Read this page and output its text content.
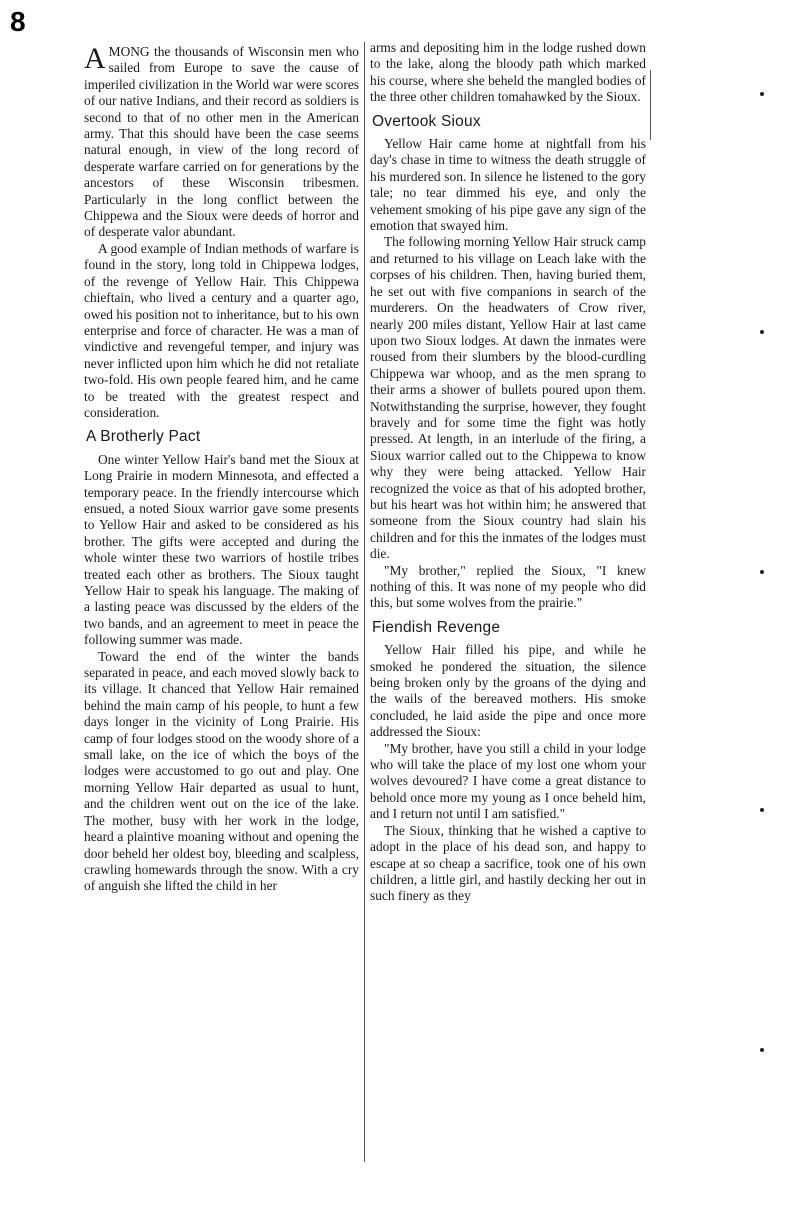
8

AMONG the thousands of Wisconsin men who sailed from Europe to save the cause of imperiled civilization in the World war were scores of our native Indians, and their record as soldiers is second to that of no other men in the American army. That this should have been the case seems natural enough, in view of the long record of desperate warfare carried on for generations by the ancestors of these Wisconsin tribesmen. Particularly in the long conflict between the Chippewa and the Sioux were deeds of horror and of desperate valor abundant.

A good example of Indian methods of warfare is found in the story, long told in Chippewa lodges, of the revenge of Yellow Hair. This Chippewa chieftain, who lived a century and a quarter ago, owed his position not to inheritance, but to his own enterprise and force of character. He was a man of vindictive and revengeful temper, and injury was never inflicted upon him which he did not retaliate two-fold. His own people feared him, and he came to be treated with the greatest respect and consideration.

A Brotherly Pact

One winter Yellow Hair's band met the Sioux at Long Prairie in modern Minnesota, and effected a temporary peace. In the friendly intercourse which ensued, a noted Sioux warrior gave some presents to Yellow Hair and asked to be considered as his brother. The gifts were accepted and during the whole winter these two warriors of hostile tribes treated each other as brothers. The Sioux taught Yellow Hair to speak his language. The making of a lasting peace was discussed by the elders of the two bands, and an agreement to meet in peace the following summer was made.

Toward the end of the winter the bands separated in peace, and each moved slowly back to its village. It chanced that Yellow Hair remained behind the main camp of his people, to hunt a few days longer in the vicinity of Long Prairie. His camp of four lodges stood on the woody shore of a small lake, on the ice of which the boys of the lodges were accustomed to go out and play. One morning Yellow Hair departed as usual to hunt, and the children went out on the ice of the lake. The mother, busy with her work in the lodge, heard a plaintive moaning without and opening the door beheld her oldest boy, bleeding and scalpless, crawling homewards through the snow. With a cry of anguish she lifted the child in her

arms and depositing him in the lodge rushed down to the lake, along the bloody path which marked his course, where she beheld the mangled bodies of the three other children tomahawked by the Sioux.

Overtook Sioux

Yellow Hair came home at nightfall from his day's chase in time to witness the death struggle of his murdered son. In silence he listened to the gory tale; no tear dimmed his eye, and only the vehement smoking of his pipe gave any sign of the emotion that swayed him.

The following morning Yellow Hair struck camp and returned to his village on Leach lake with the corpses of his children. Then, having buried them, he set out with five companions in search of the murderers. On the headwaters of Crow river, nearly 200 miles distant, Yellow Hair at last came upon two Sioux lodges. At dawn the inmates were roused from their slumbers by the blood-curdling Chippewa war whoop, and as the men sprang to their arms a shower of bullets poured upon them. Notwithstanding the surprise, however, they fought bravely and for some time the fight was hotly pressed. At length, in an interlude of the firing, a Sioux warrior called out to the Chippewa to know why they were being attacked. Yellow Hair recognized the voice as that of his adopted brother, but his heart was hot within him; he answered that someone from the Sioux country had slain his children and for this the inmates of the lodges must die.

"My brother," replied the Sioux, "I knew nothing of this. It was none of my people who did this, but some wolves from the prairie."

Fiendish Revenge

Yellow Hair filled his pipe, and while he smoked he pondered the situation, the silence being broken only by the groans of the dying and the wails of the bereaved mothers. His smoke concluded, he laid aside the pipe and once more addressed the Sioux:

"My brother, have you still a child in your lodge who will take the place of my lost one whom your wolves devoured? I have come a great distance to behold once more my young as I once beheld him, and I return not until I am satisfied."

The Sioux, thinking that he wished a captive to adopt in the place of his dead son, and happy to escape at so cheap a sacrifice, took one of his own children, a little girl, and hastily decking her out in such finery as they
